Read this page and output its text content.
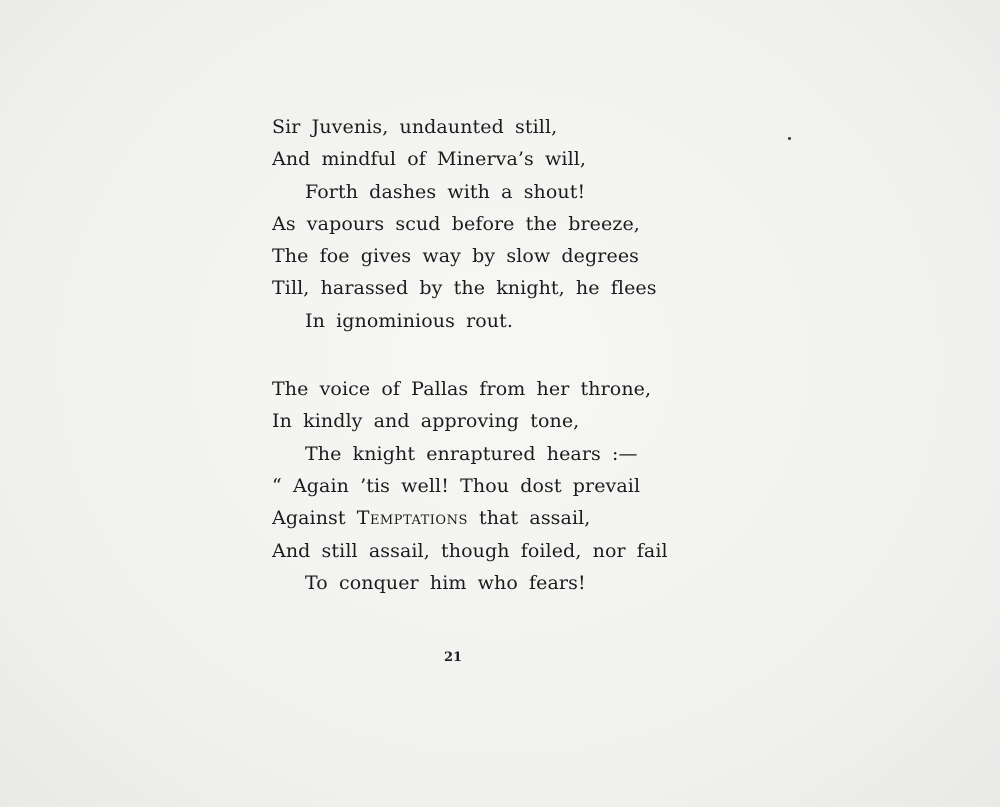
Sir Juvenis, undaunted still,
And mindful of Minerva’s will,
Forth dashes with a shout!
As vapours scud before the breeze,
The foe gives way by slow degrees
Till, harassed by the knight, he flees
In ignominious rout.
The voice of Pallas from her throne,
In kindly and approving tone,
The knight enraptured hears :—
“ Again ’tis well! Thou dost prevail
Against Temptations that assail,
And still assail, though foiled, nor fail
To conquer him who fears!
21
